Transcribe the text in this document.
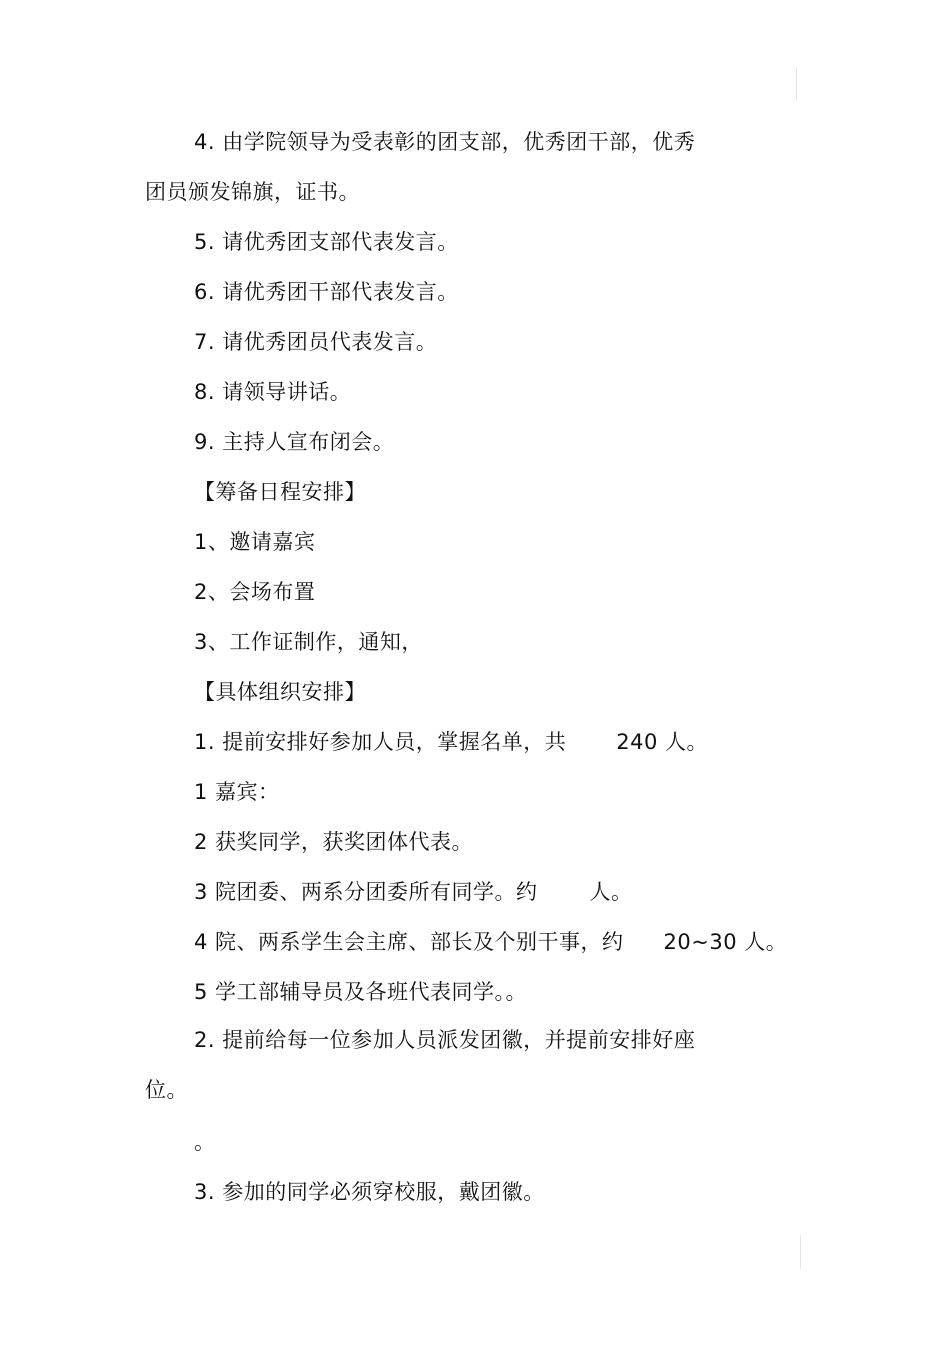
4. 由学院领导为受表彰的团支部，优秀团干部，优秀
团员颁发锦旗，证书。
5. 请优秀团支部代表发言。
6. 请优秀团干部代表发言。
7. 请优秀团员代表发言。
8. 请领导讲话。
9. 主持人宣布闭会。
【筹备日程安排】
1、邀请嘉宾
2、会场布置
3、工作证制作，通知，
【具体组织安排】
1. 提前安排好参加人员，掌握名单，共 240 人。
1 嘉宾：
2 获奖同学，获奖团体代表。
3 院团委、两系分团委所有同学。约 人。
4 院、两系学生会主席、部长及个别干事，约 20~30 人。
5 学工部辅导员及各班代表同学。。
2. 提前给每一位参加人员派发团徽，并提前安排好座
位。
。
3. 参加的同学必须穿校服，戴团徽。
